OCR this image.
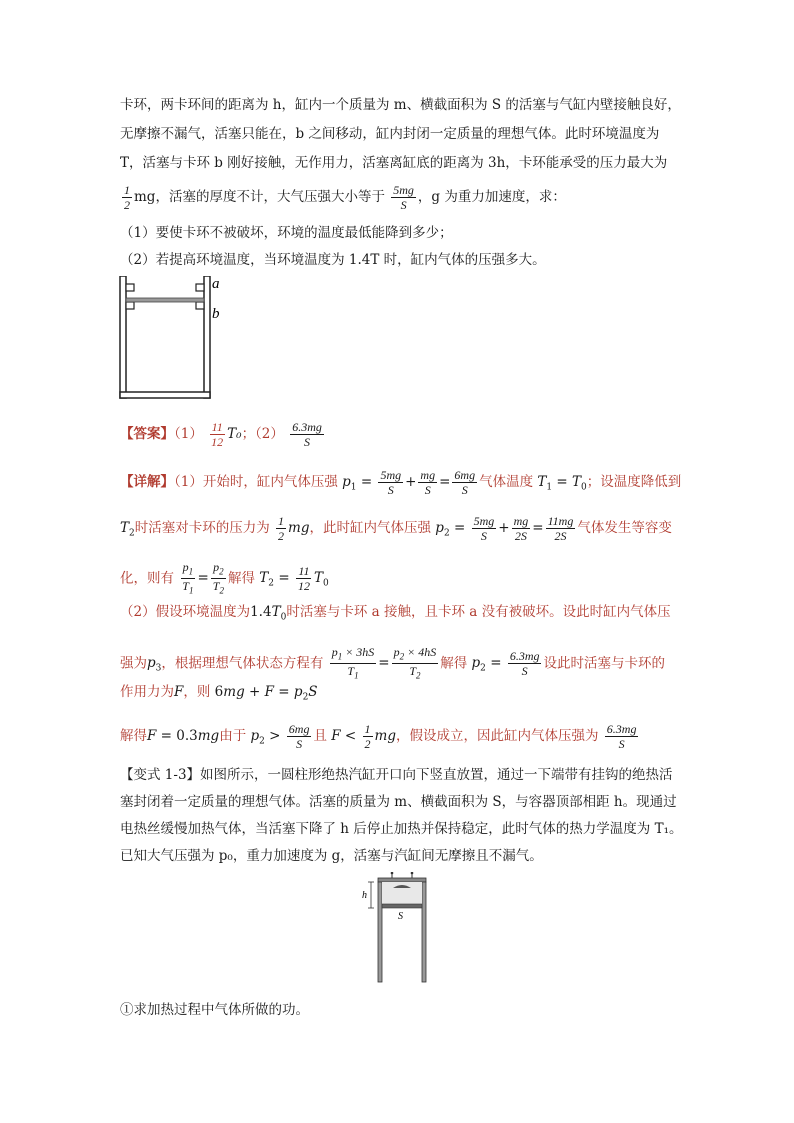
卡环，两卡环间的距离为 h，缸内一个质量为 m、横截面积为 S 的活塞与气缸内壁接触良好，
无摩擦不漏气，活塞只能在，b 之间移动，缸内封闭一定质量的理想气体。此时环境温度为
T，活塞与卡环 b 刚好接触，无作用力，活塞离缸底的距离为 3h，卡环能承受的压力最大为
$\frac{1}{2}$ mg，活塞的厚度不计，大气压强大小等于 $\frac{5mg}{S}$ ，g 为重力加速度，求：
（1）要使卡环不被破坏，环境的温度最低能降到多少；
（2）若提高环境温度，当环境温度为 1.4T 时，缸内气体的压强多大。
a
b
【答案】$(1) \frac{11}{12} T_0$；$(2) \frac{6.3mg}{S}$
【详解】（1）开始时，缸内气体压强 $p_1 = \frac{5mg}{S} + \frac{mg}{S} = \frac{6mg}{S}$ 气体温度 $T_1 = T_0$；设温度降低到
$T_2$时活塞对卡环的压力为 $\frac{1}{2}$ mg，此时缸内气体压强 $p_2 = \frac{5mg}{S} + \frac{mg}{2S} = \frac{11mg}{2S}$ 气体发生等容变
化，则有 $\frac{p_1}{T_1} = \frac{p_2}{T_2}$ 解得 $T_2 = \frac{11}{12} T_0$
（2）假设环境温度为$1.4T_0$时活塞与卡环 a 接触，且卡环 a 没有被破坏。设此时缸内气体压
强为$p_3$，根据理想气体状态方程有 $\frac{p_1 \times 3hS}{T_1} = \frac{p_2 \times 4hS}{T_2}$ 解得 $p_2 = \frac{6.3mg}{S}$ 设此时活塞与卡环的
作用力为F，则 $6mg + F = p_2S$
解得F = 0.3mg由于 $p_2 > \frac{6mg}{S}$ 且 $F < \frac{1}{2}$ mg，假设成立，因此缸内气体压强为 $\frac{6.3mg}{S}$
【变式 1-3】如图所示，一圆柱形绝热汽缸开口向下竖直放置，通过一下端带有挂钩的绝热活
塞封闭着一定质量的理想气体。活塞的质量为 m、横截面积为 S，与容器顶部相距 h。现通过
电热丝缓慢加热气体，当活塞下降了 h 后停止加热并保持稳定，此时气体的热力学温度为 T₁。
已知大气压强为 p₀，重力加速度为 g，活塞与汽缸间无摩擦且不漏气。
h
S
①求加热过程中气体所做的功。
